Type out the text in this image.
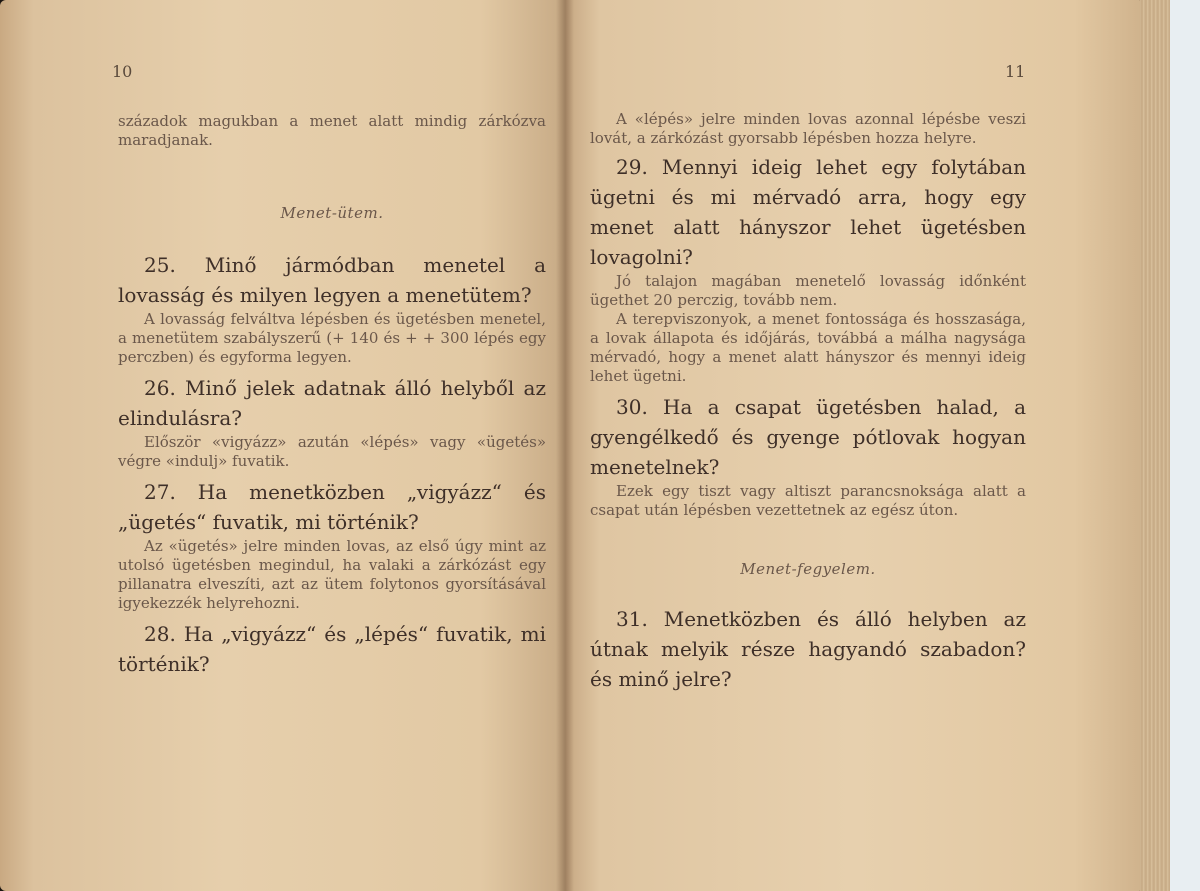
10

századok magukban a menet alatt mindig zárkózva maradjanak.

Menet-ütem.

25. Minő jármódban menetel a lovasság és milyen legyen a menetütem?

A lovasság felváltva lépésben és ügetésben menetel, a menetütem szabályszerű (+ 140 és + + 300 lépés egy perczben) és egyforma legyen.

26. Minő jelek adatnak álló helyből az elindulásra?

Először «vigyázz» azután «lépés» vagy «ügetés» végre «indulj» fuvatik.

27. Ha menetközben „vigyázz“ és „ügetés“ fuvatik, mi történik?

Az «ügetés» jelre minden lovas, az első úgy mint az utolsó ügetésben megindul, ha valaki a zárkózást egy pillanatra elveszíti, azt az ütem folytonos gyorsításával igyekezzék helyrehozni.

28. Ha „vigyázz“ és „lépés“ fuvatik, mi történik?

11

A «lépés» jelre minden lovas azonnal lépésbe veszi lovát, a zárkózást gyorsabb lépésben hozza helyre.

29. Mennyi ideig lehet egy folytában ügetni és mi mérvadó arra, hogy egy menet alatt hányszor lehet ügetésben lovagolni?

Jó talajon magában menetelő lovasság időnként ügethet 20 perczig, tovább nem.

A terepviszonyok, a menet fontossága és hosszasága, a lovak állapota és időjárás, továbbá a málha nagysága mérvadó, hogy a menet alatt hányszor és mennyi ideig lehet ügetni.

30. Ha a csapat ügetésben halad, a gyengélkedő és gyenge pótlovak hogyan menetelnek?

Ezek egy tiszt vagy altiszt parancsnoksága alatt a csapat után lépésben vezettetnek az egész úton.

Menet-fegyelem.

31. Menetközben és álló helyben az útnak melyik része hagyandó szabadon? és minő jelre?
